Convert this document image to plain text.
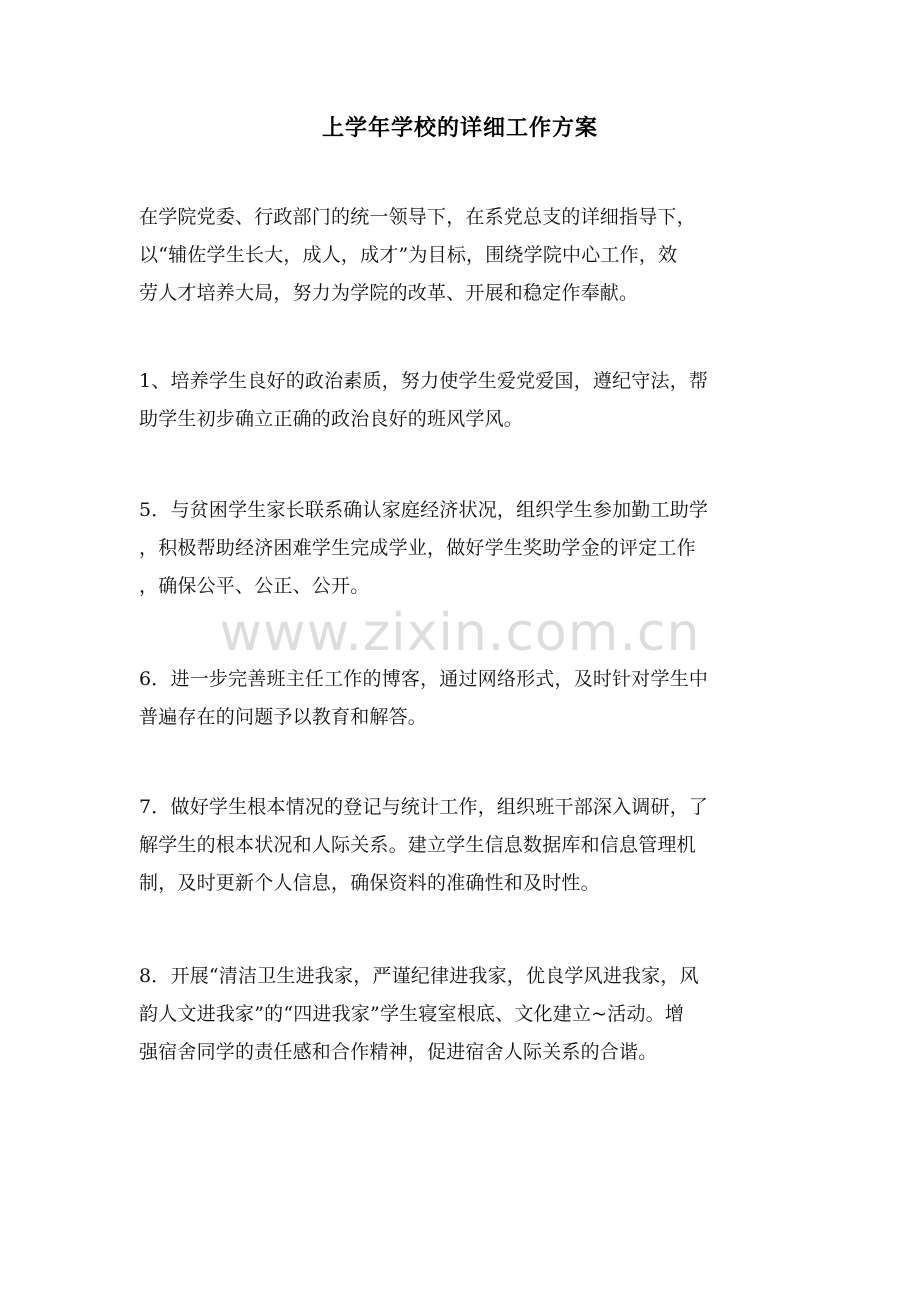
上学年学校的详细工作方案
在学院党委、行政部门的统一领导下，在系党总支的详细指导下，
以“辅佐学生长大，成人，成才”为目标，围绕学院中心工作，效
劳人才培养大局，努力为学院的改革、开展和稳定作奉献。
1、培养学生良好的政治素质，努力使学生爱党爱国，遵纪守法，帮
助学生初步确立正确的政治良好的班风学风。
5．与贫困学生家长联系确认家庭经济状况，组织学生参加勤工助学
，积极帮助经济困难学生完成学业，做好学生奖助学金的评定工作
，确保公平、公正、公开。
www.zixin.com.cn
6．进一步完善班主任工作的博客，通过网络形式，及时针对学生中
普遍存在的问题予以教育和解答。
7．做好学生根本情况的登记与统计工作，组织班干部深入调研，了
解学生的根本状况和人际关系。建立学生信息数据库和信息管理机
制，及时更新个人信息，确保资料的准确性和及时性。
8．开展“清洁卫生进我家，严谨纪律进我家，优良学风进我家，风
韵人文进我家”的“四进我家”学生寝室根底、文化建立~活动。增
强宿舍同学的责任感和合作精神，促进宿舍人际关系的合谐。
